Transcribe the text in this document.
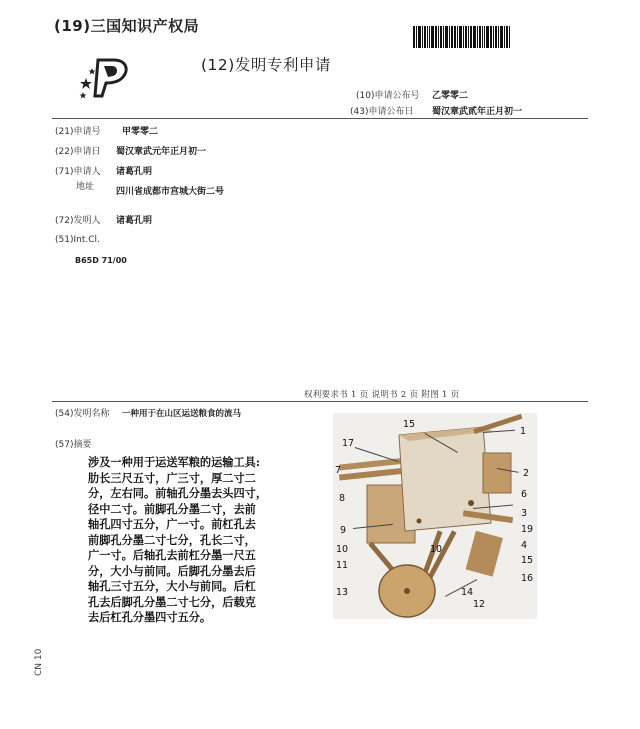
(19)三国知识产权局
(12)发明专利申请
(10)申请公布号 乙零零二
(43)申请公布日 蜀汉章武贰年正月初一
(21)申请号 甲零零二
(22)申请日 蜀汉章武元年正月初一
(71)申请人 诸葛孔明
地址 四川省成都市宫城大街二号
(72)发明人 诸葛孔明
(51)Int.Cl.
B65D 71/00
权利要求书 1 页 说明书 2 页 附图 1 页
(54)发明名称 一种用于在山区运送粮食的流马
(57)摘要
涉及一种用于运送军粮的运输工具:
肋长三尺五寸，广三寸，厚二寸二
分，左右同。前轴孔分墨去头四寸，
径中二寸。前脚孔分墨二寸，去前
轴孔四寸五分，广一寸。前杠孔去
前脚孔分墨二寸七分，孔长二寸，
广一寸。后轴孔去前杠分墨一尺五
分，大小与前同。后脚孔分墨去后
轴孔三寸五分，大小与前同。后杠
孔去后脚孔分墨二寸七分，后载克
去后杠孔分墨四寸五分。
15
1
17
7	2
8	6
3
9	19
4
10	10
15
11
16
13	14
12
CN 10
